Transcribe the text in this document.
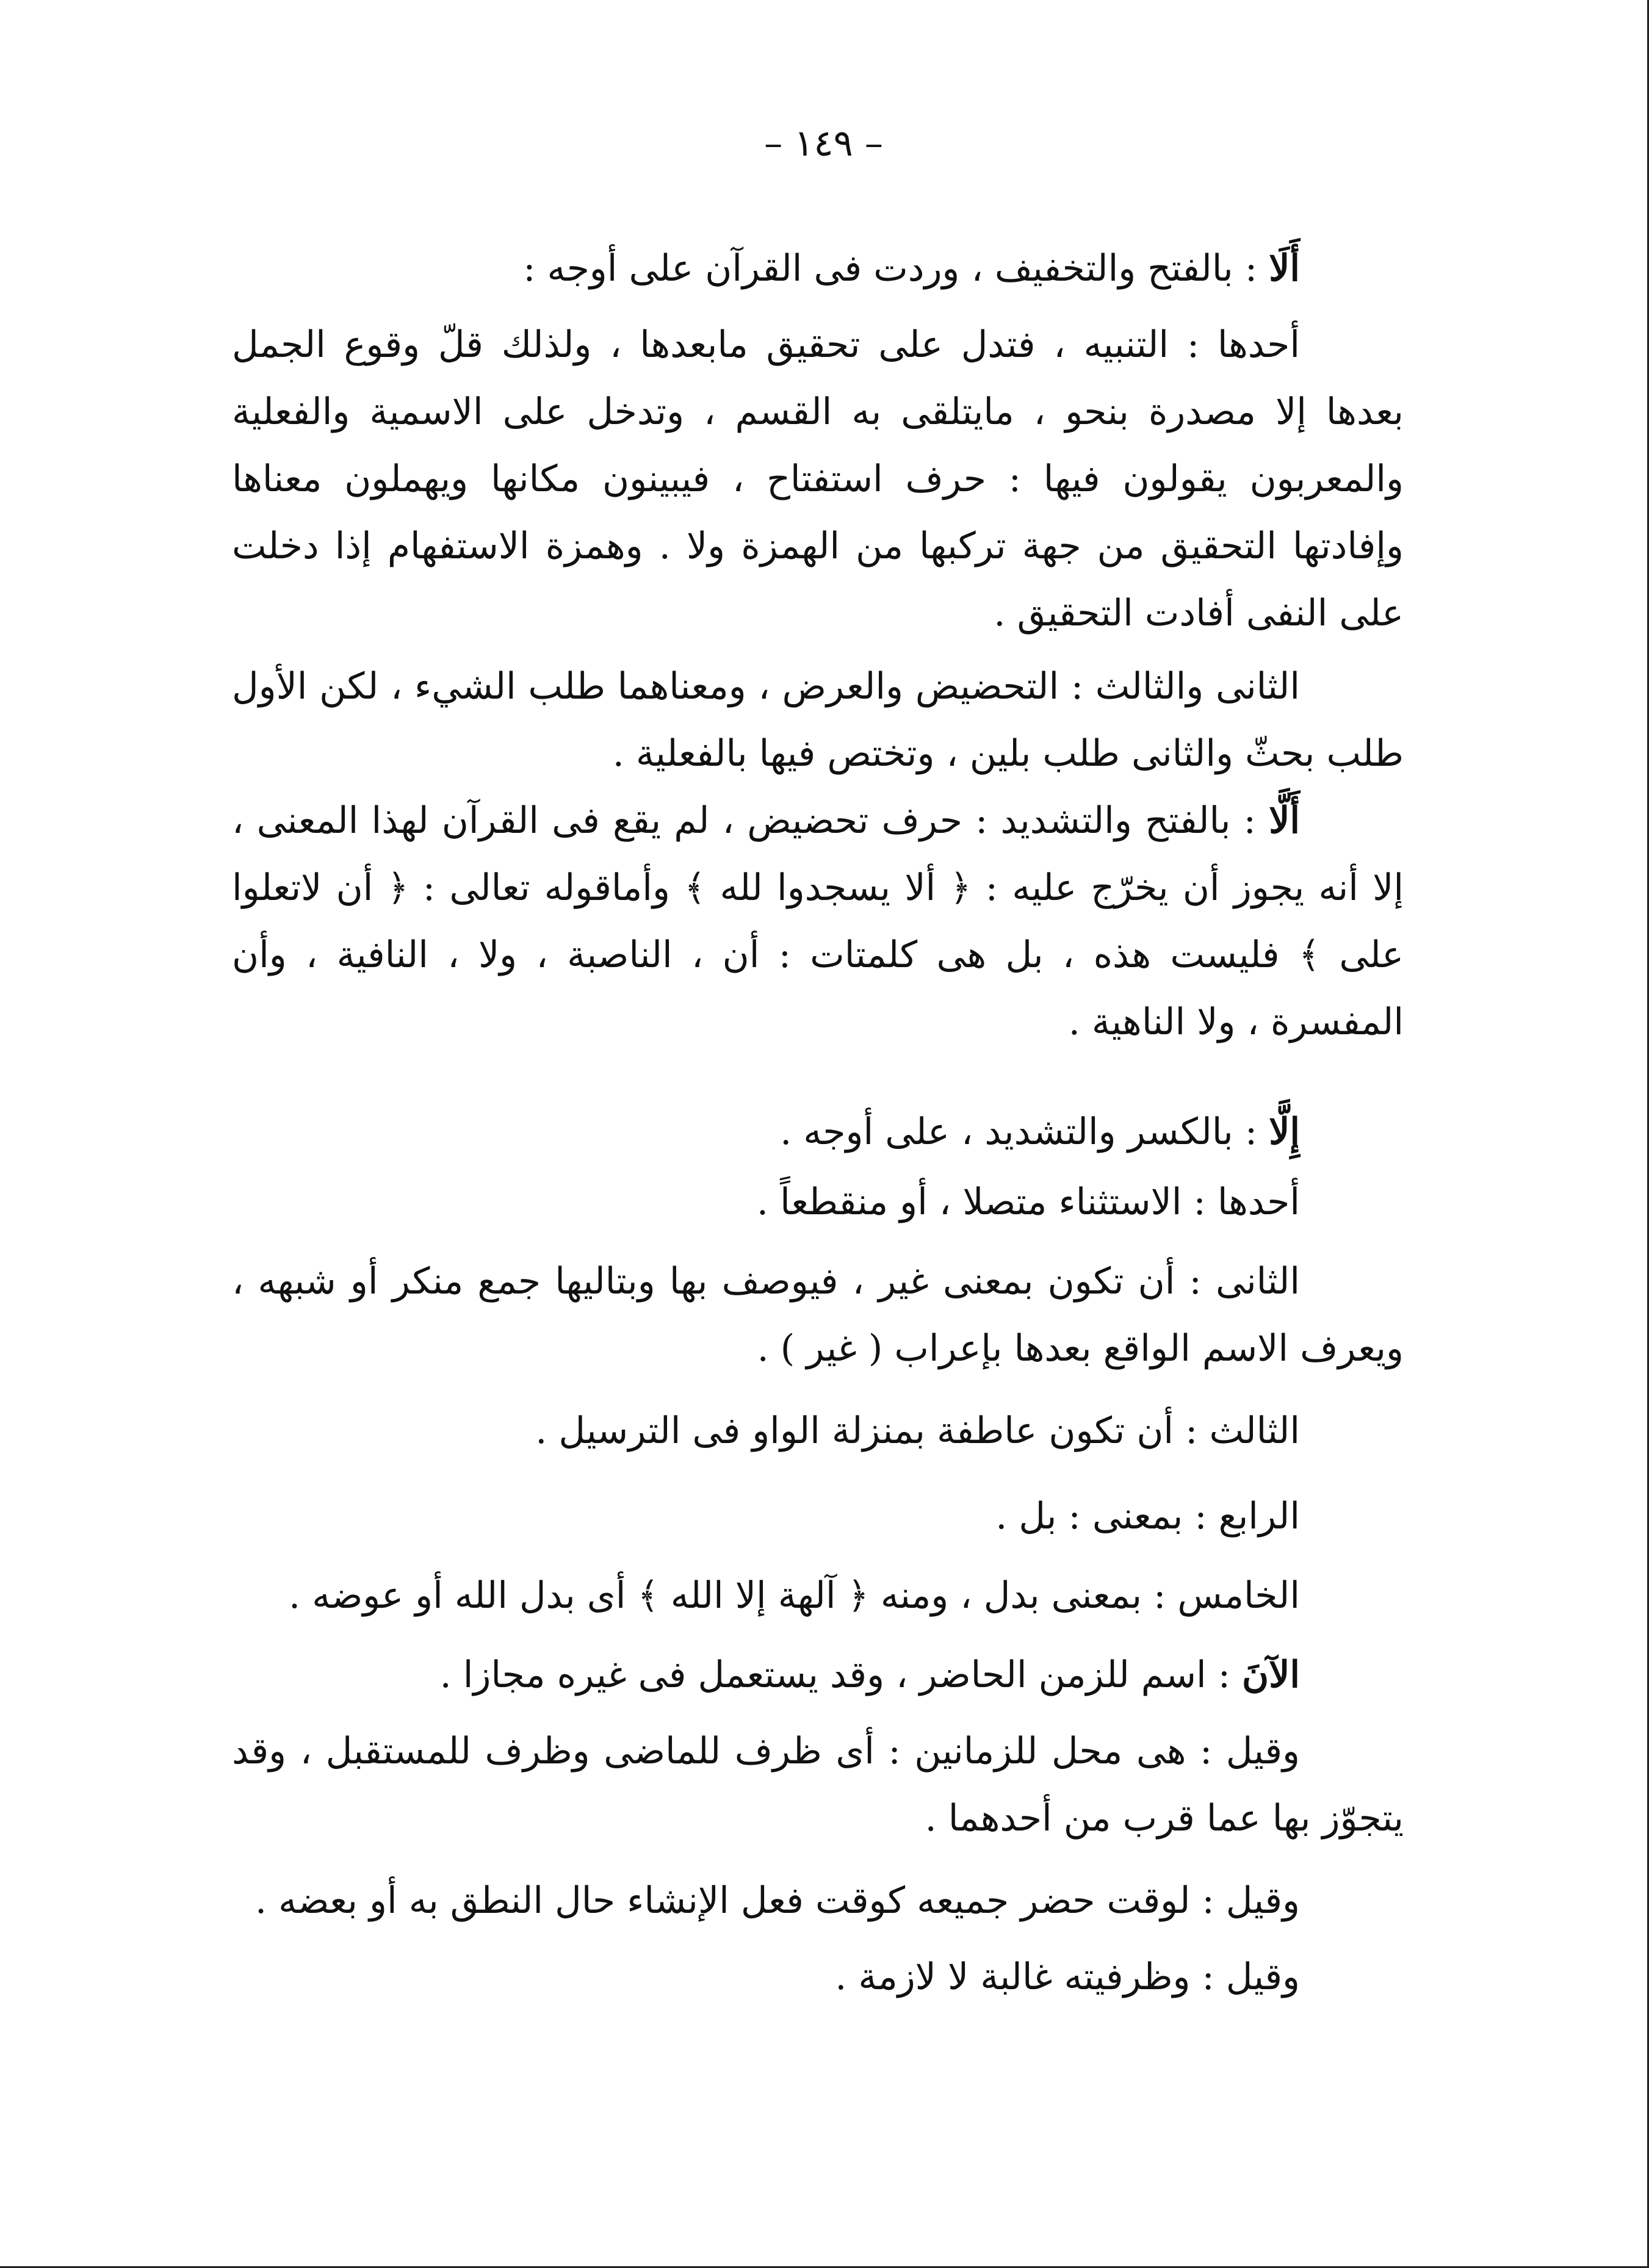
– ١٤٩ –

أَلَا : بالفتح والتخفيف ، وردت فى القرآن على أوجه :

أحدها : التنبيه ، فتدل على تحقيق مابعدها ، ولذلك قلّ وقوع الجمل بعدها إلا مصدرة بنحو ، مايتلقى به القسم ، وتدخل على الاسمية والفعلية والمعربون يقولون فيها : حرف استفتاح ، فيبينون مكانها ويهملون معناها وإفادتها التحقيق من جهة تركبها من الهمزة ولا . وهمزة الاستفهام إذا دخلت على النفى أفادت التحقيق .

الثانى والثالث : التحضيض والعرض ، ومعناهما طلب الشيء ، لكن الأول طلب بحثّ والثانى طلب بلين ، وتختص فيها بالفعلية .

أَلَّا : بالفتح والتشديد : حرف تحضيض ، لم يقع فى القرآن لهذا المعنى ، إلا أنه يجوز أن يخرّج عليه : ﴿ ألا يسجدوا لله ﴾ وأماقوله تعالى : ﴿ أن لاتعلوا على ﴾ فليست هذه ، بل هى كلمتات : أن ، الناصبة ، ولا ، النافية ، وأن المفسرة ، ولا الناهية .

إِلَّا : بالكسر والتشديد ، على أوجه .

أحدها : الاستثناء متصلا ، أو منقطعاً .

الثانى : أن تكون بمعنى غير ، فيوصف بها وبتاليها جمع منكر أو شبهه ، ويعرف الاسم الواقع بعدها بإعراب ( غير ) .

الثالث : أن تكون عاطفة بمنزلة الواو فى الترسيل .

الرابع : بمعنى : بل .

الخامس : بمعنى بدل ، ومنه ﴿ آلهة إلا الله ﴾ أى بدل الله أو عوضه .

الآنَ : اسم للزمن الحاضر ، وقد يستعمل فى غيره مجازا .

وقيل : هى محل للزمانين : أى ظرف للماضى وظرف للمستقبل ، وقد يتجوّز بها عما قرب من أحدهما .

وقيل : لوقت حضر جميعه كوقت فعل الإنشاء حال النطق به أو بعضه .

وقيل : وظرفيته غالبة لا لازمة .
